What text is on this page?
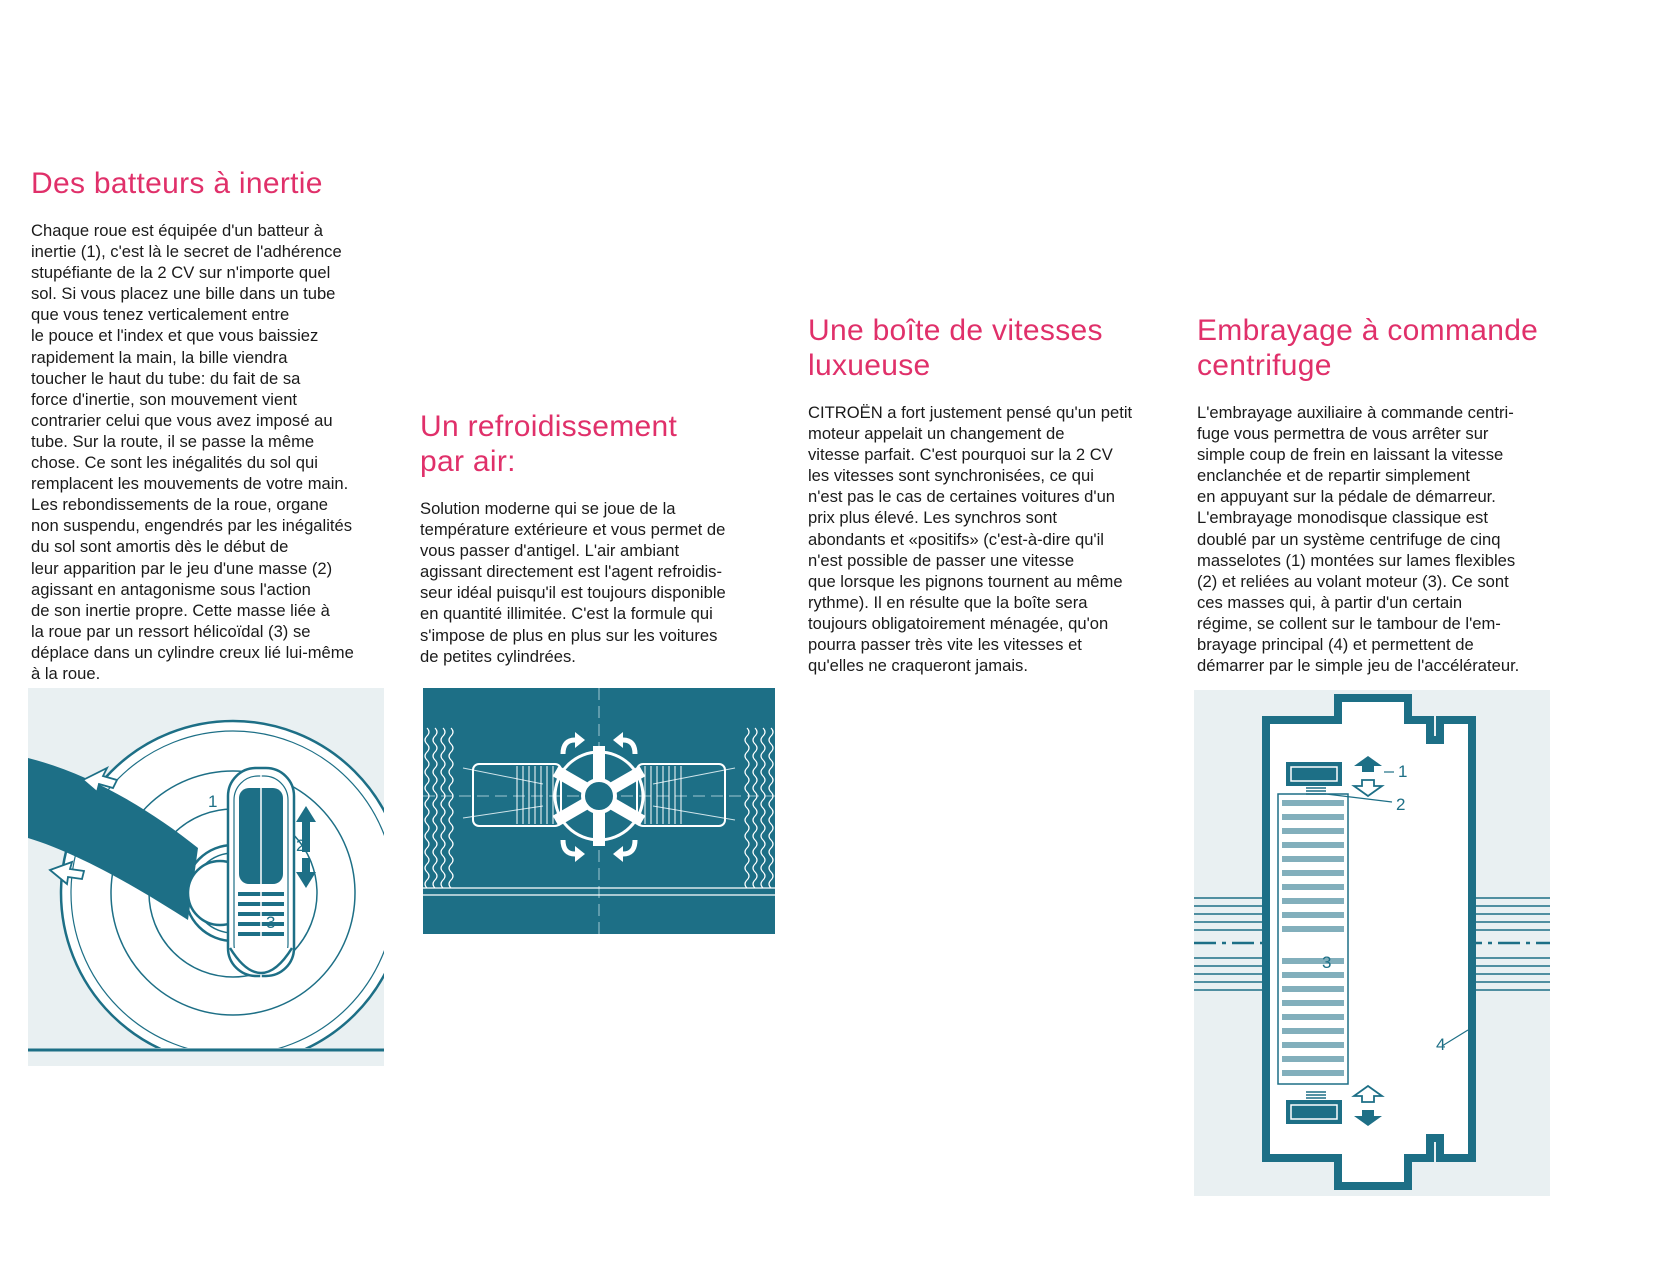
Des batteurs à inertie
Chaque roue est équipée d'un batteur à
inertie (1), c'est là le secret de l'adhérence
stupéfiante de la 2 CV sur n'importe quel
sol. Si vous placez une bille dans un tube
que vous tenez verticalement entre
le pouce et l'index et que vous baissiez
rapidement la main, la bille viendra
toucher le haut du tube: du fait de sa
force d'inertie, son mouvement vient
contrarier celui que vous avez imposé au
tube. Sur la route, il se passe la même
chose. Ce sont les inégalités du sol qui
remplacent les mouvements de votre main.
Les rebondissements de la roue, organe
non suspendu, engendrés par les inégalités
du sol sont amortis dès le début de
leur apparition par le jeu d'une masse (2)
agissant en antagonisme sous l'action
de son inertie propre. Cette masse liée à
la roue par un ressort hélicoïdal (3) se
déplace dans un cylindre creux lié lui-même
à la roue.
Un refroidissement
par air:
Solution moderne qui se joue de la
température extérieure et vous permet de
vous passer d'antigel. L'air ambiant
agissant directement est l'agent refroidis-
seur idéal puisqu'il est toujours disponible
en quantité illimitée. C'est la formule qui
s'impose de plus en plus sur les voitures
de petites cylindrées.
Une boîte de vitesses
luxueuse
CITROËN a fort justement pensé qu'un petit
moteur appelait un changement de
vitesse parfait. C'est pourquoi sur la 2 CV
les vitesses sont synchronisées, ce qui
n'est pas le cas de certaines voitures d'un
prix plus élevé. Les synchros sont
abondants et «positifs» (c'est-à-dire qu'il
n'est possible de passer une vitesse
que lorsque les pignons tournent au même
rythme). Il en résulte que la boîte sera
toujours obligatoirement ménagée, qu'on
pourra passer très vite les vitesses et
qu'elles ne craqueront jamais.
Embrayage à commande
centrifuge
L'embrayage auxiliaire à commande centri-
fuge vous permettra de vous arrêter sur
simple coup de frein en laissant la vitesse
enclanchée et de repartir simplement
en appuyant sur la pédale de démarreur.
L'embrayage monodisque classique est
doublé par un système centrifuge de cinq
masselotes (1) montées sur lames flexibles
(2) et reliées au volant moteur (3). Ce sont
ces masses qui, à partir d'un certain
régime, se collent sur le tambour de l'em-
brayage principal (4) et permettent de
démarrer par le simple jeu de l'accélérateur.
1
2
3
1
2
3
4
